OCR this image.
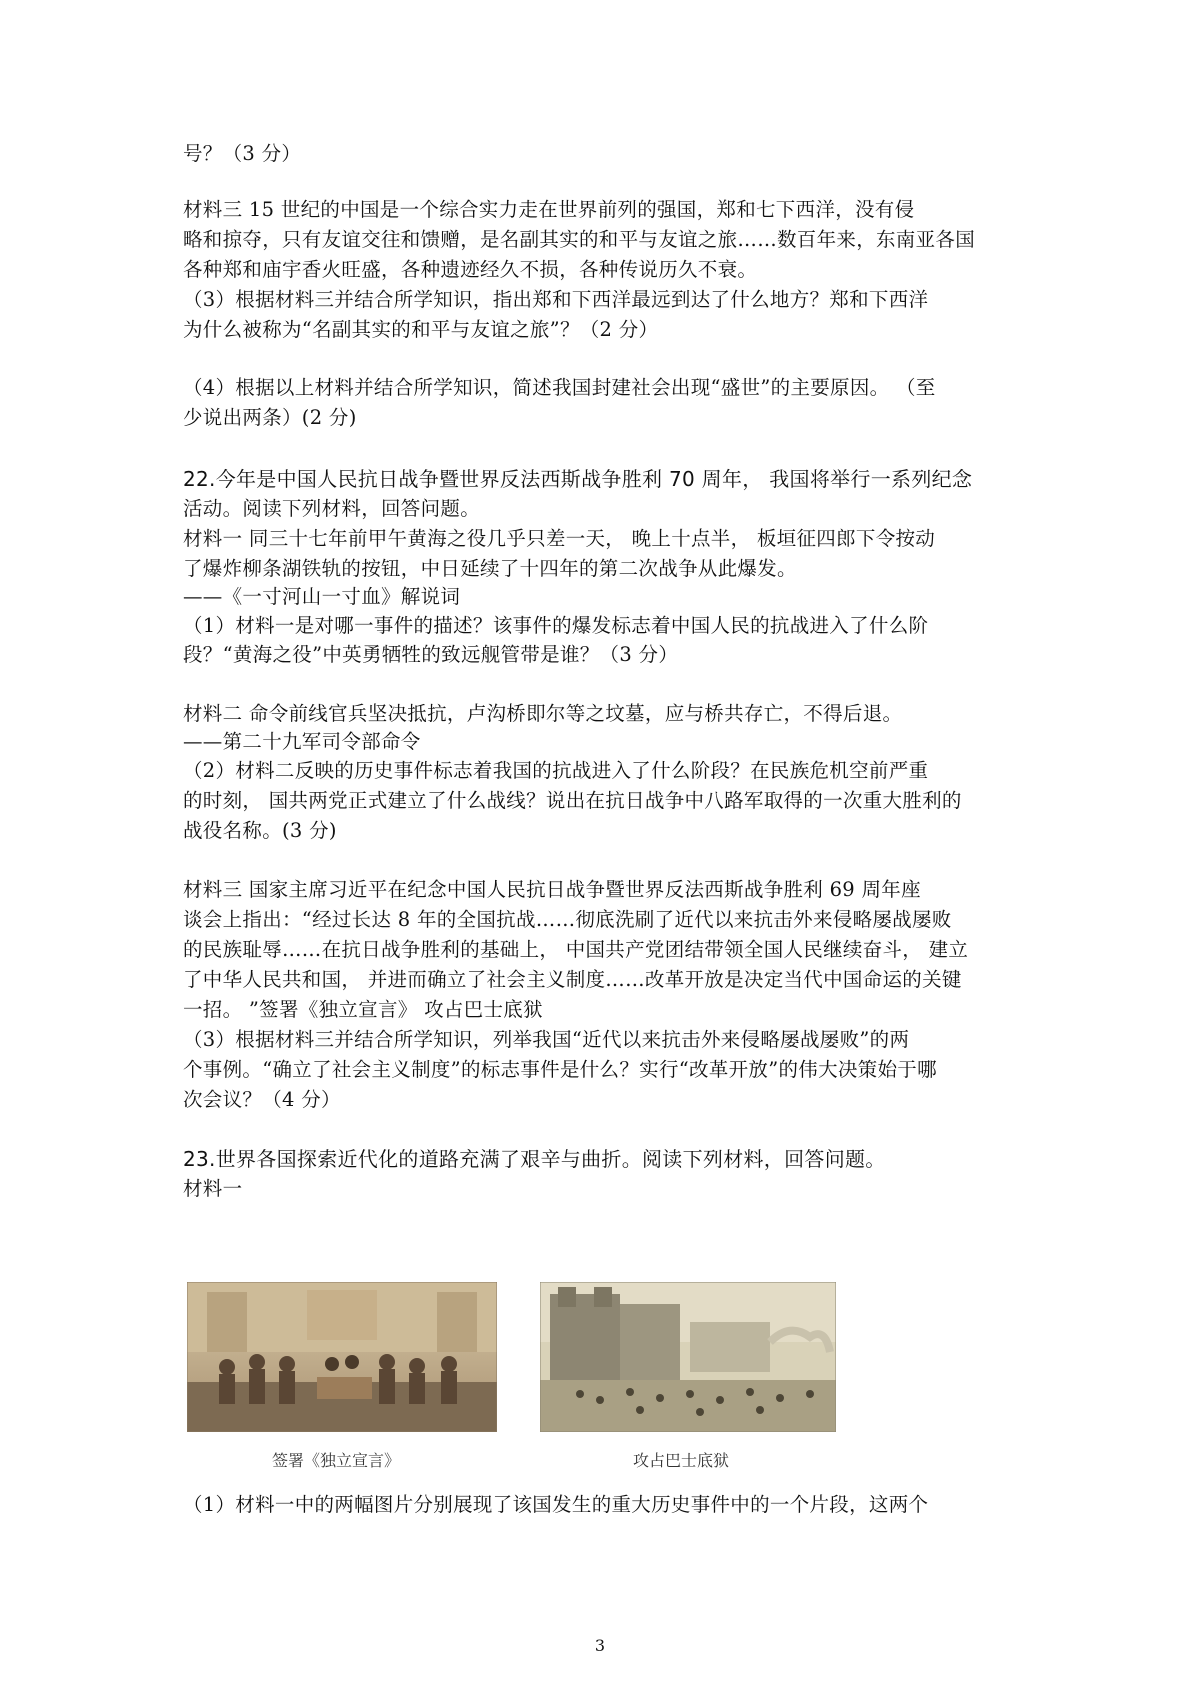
号？（3 分）
材料三 15 世纪的中国是一个综合实力走在世界前列的强国，郑和七下西洋，没有侵
略和掠夺，只有友谊交往和馈赠，是名副其实的和平与友谊之旅……数百年来，东南亚各国
各种郑和庙宇香火旺盛，各种遗迹经久不损，各种传说历久不衰。
（3）根据材料三并结合所学知识，指出郑和下西洋最远到达了什么地方？郑和下西洋
为什么被称为“名副其实的和平与友谊之旅”？（2 分）
（4）根据以上材料并结合所学知识，简述我国封建社会出现“盛世”的主要原因。 （至
少说出两条）(2 分)
22.今年是中国人民抗日战争暨世界反法西斯战争胜利 70 周年， 我国将举行一系列纪念
活动。阅读下列材料，回答问题。
材料一 同三十七年前甲午黄海之役几乎只差一天， 晚上十点半， 板垣征四郎下令按动
了爆炸柳条湖铁轨的按钮，中日延续了十四年的第二次战争从此爆发。
——《一寸河山一寸血》解说词
（1）材料一是对哪一事件的描述？该事件的爆发标志着中国人民的抗战进入了什么阶
段？“黄海之役”中英勇牺牲的致远舰管带是谁？（3 分）
材料二 命令前线官兵坚决抵抗，卢沟桥即尔等之坟墓，应与桥共存亡，不得后退。
——第二十九军司令部命令
（2）材料二反映的历史事件标志着我国的抗战进入了什么阶段？在民族危机空前严重
的时刻， 国共两党正式建立了什么战线？说出在抗日战争中八路军取得的一次重大胜利的
战役名称。(3 分)
材料三 国家主席习近平在纪念中国人民抗日战争暨世界反法西斯战争胜利 69 周年座
谈会上指出：“经过长达 8 年的全国抗战……彻底洗刷了近代以来抗击外来侵略屡战屡败
的民族耻辱……在抗日战争胜利的基础上， 中国共产党团结带领全国人民继续奋斗， 建立
了中华人民共和国， 并进而确立了社会主义制度……改革开放是决定当代中国命运的关键
一招。 ”签署《独立宣言》 攻占巴士底狱
（3）根据材料三并结合所学知识，列举我国“近代以来抗击外来侵略屡战屡败”的两
个事例。“确立了社会主义制度”的标志事件是什么？实行“改革开放”的伟大决策始于哪
次会议？（4 分）
23.世界各国探索近代化的道路充满了艰辛与曲折。阅读下列材料，回答问题。
材料一
签署《独立宣言》	攻占巴士底狱
（1）材料一中的两幅图片分别展现了该国发生的重大历史事件中的一个片段，这两个
3
